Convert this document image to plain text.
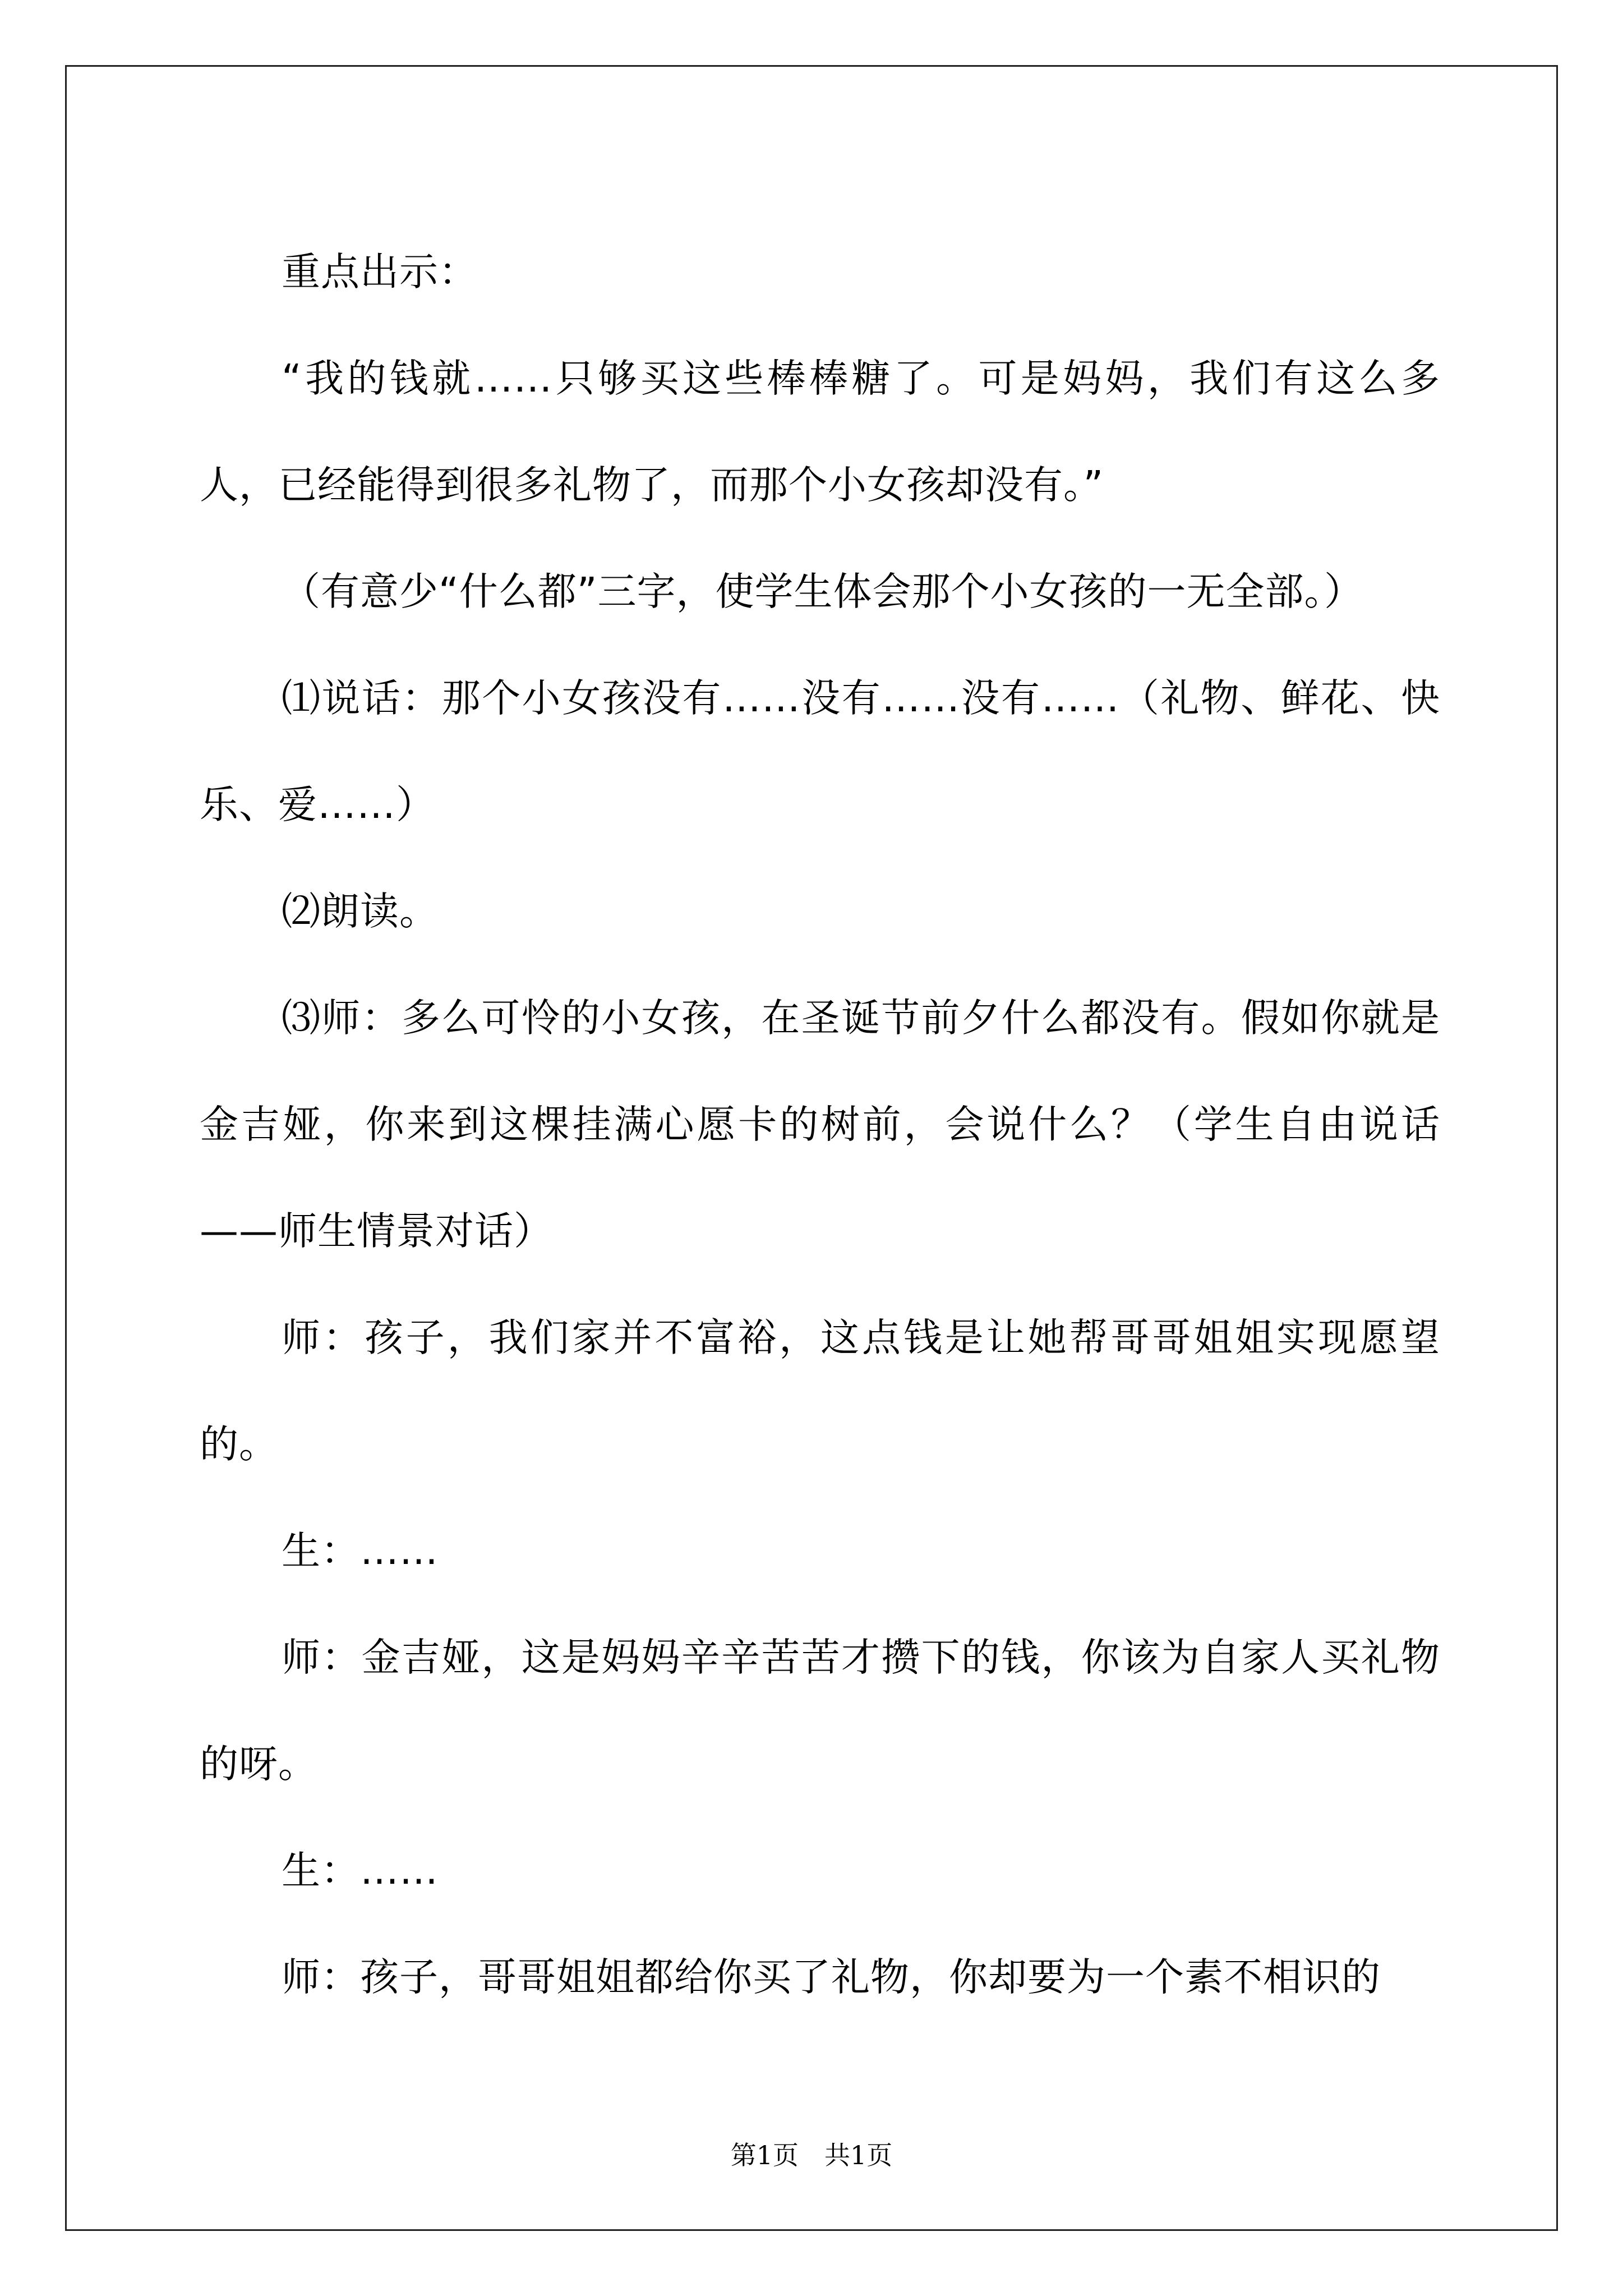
重点出示：

“我的钱就……只够买这些棒棒糖了。可是妈妈，我们有这么多人，已经能得到很多礼物了，而那个小女孩却没有。”

（有意少“什么都”三字，使学生体会那个小女孩的一无全部。）

⑴说话：那个小女孩没有……没有……没有……（礼物、鲜花、快乐、爱……）

⑵朗读。

⑶师：多么可怜的小女孩，在圣诞节前夕什么都没有。假如你就是金吉娅，你来到这棵挂满心愿卡的树前，会说什么？（学生自由说话——师生情景对话）

师：孩子，我们家并不富裕，这点钱是让她帮哥哥姐姐实现愿望的。

生：……

师：金吉娅，这是妈妈辛辛苦苦才攒下的钱，你该为自家人买礼物的呀。

生：……

师：孩子，哥哥姐姐都给你买了礼物，你却要为一个素不相识的

第1页 共1页
